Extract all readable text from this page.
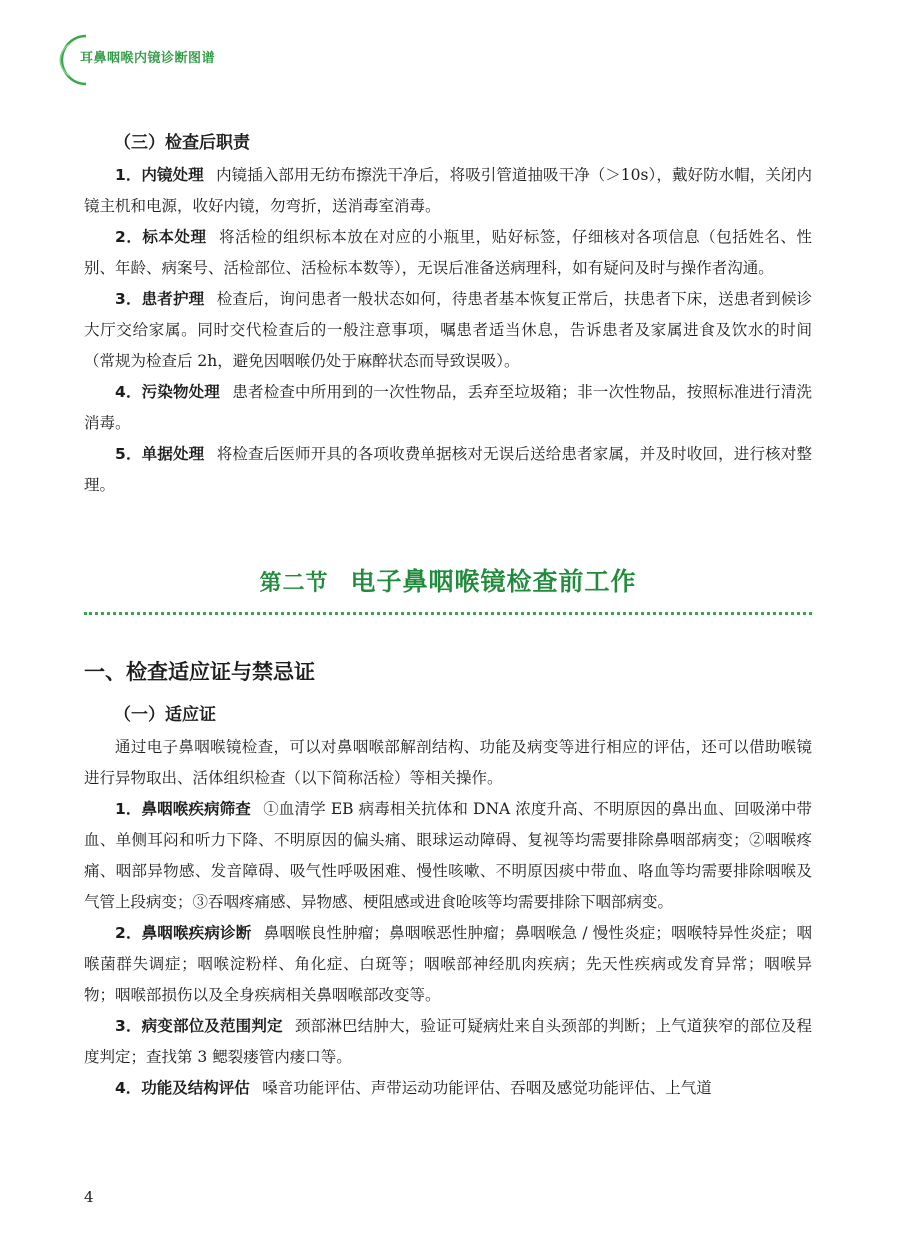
耳鼻咽喉内镜诊断图谱

（三）检查后职责

1．内镜处理 内镜插入部用无纺布擦洗干净后，将吸引管道抽吸干净（＞10s），戴好防水帽，关闭内镜主机和电源，收好内镜，勿弯折，送消毒室消毒。

2．标本处理 将活检的组织标本放在对应的小瓶里，贴好标签，仔细核对各项信息（包括姓名、性别、年龄、病案号、活检部位、活检标本数等），无误后准备送病理科，如有疑问及时与操作者沟通。

3．患者护理 检查后，询问患者一般状态如何，待患者基本恢复正常后，扶患者下床，送患者到候诊大厅交给家属。同时交代检查后的一般注意事项，嘱患者适当休息，告诉患者及家属进食及饮水的时间（常规为检查后 2h，避免因咽喉仍处于麻醉状态而导致误吸）。

4．污染物处理 患者检查中所用到的一次性物品，丢弃至垃圾箱；非一次性物品，按照标准进行清洗消毒。

5．单据处理 将检查后医师开具的各项收费单据核对无误后送给患者家属，并及时收回，进行核对整理。

第二节 电子鼻咽喉镜检查前工作

一、检查适应证与禁忌证

（一）适应证

通过电子鼻咽喉镜检查，可以对鼻咽喉部解剖结构、功能及病变等进行相应的评估，还可以借助喉镜进行异物取出、活体组织检查（以下简称活检）等相关操作。

1．鼻咽喉疾病筛查 ①血清学 EB 病毒相关抗体和 DNA 浓度升高、不明原因的鼻出血、回吸涕中带血、单侧耳闷和听力下降、不明原因的偏头痛、眼球运动障碍、复视等均需要排除鼻咽部病变；②咽喉疼痛、咽部异物感、发音障碍、吸气性呼吸困难、慢性咳嗽、不明原因痰中带血、咯血等均需要排除咽喉及气管上段病变；③吞咽疼痛感、异物感、梗阻感或进食呛咳等均需要排除下咽部病变。

2．鼻咽喉疾病诊断 鼻咽喉良性肿瘤；鼻咽喉恶性肿瘤；鼻咽喉急 / 慢性炎症；咽喉特异性炎症；咽喉菌群失调症；咽喉淀粉样、角化症、白斑等；咽喉部神经肌肉疾病；先天性疾病或发育异常；咽喉异物；咽喉部损伤以及全身疾病相关鼻咽喉部改变等。

3．病变部位及范围判定 颈部淋巴结肿大，验证可疑病灶来自头颈部的判断；上气道狭窄的部位及程度判定；查找第 3 鳃裂瘘管内瘘口等。

4．功能及结构评估 嗓音功能评估、声带运动功能评估、吞咽及感觉功能评估、上气道

4
